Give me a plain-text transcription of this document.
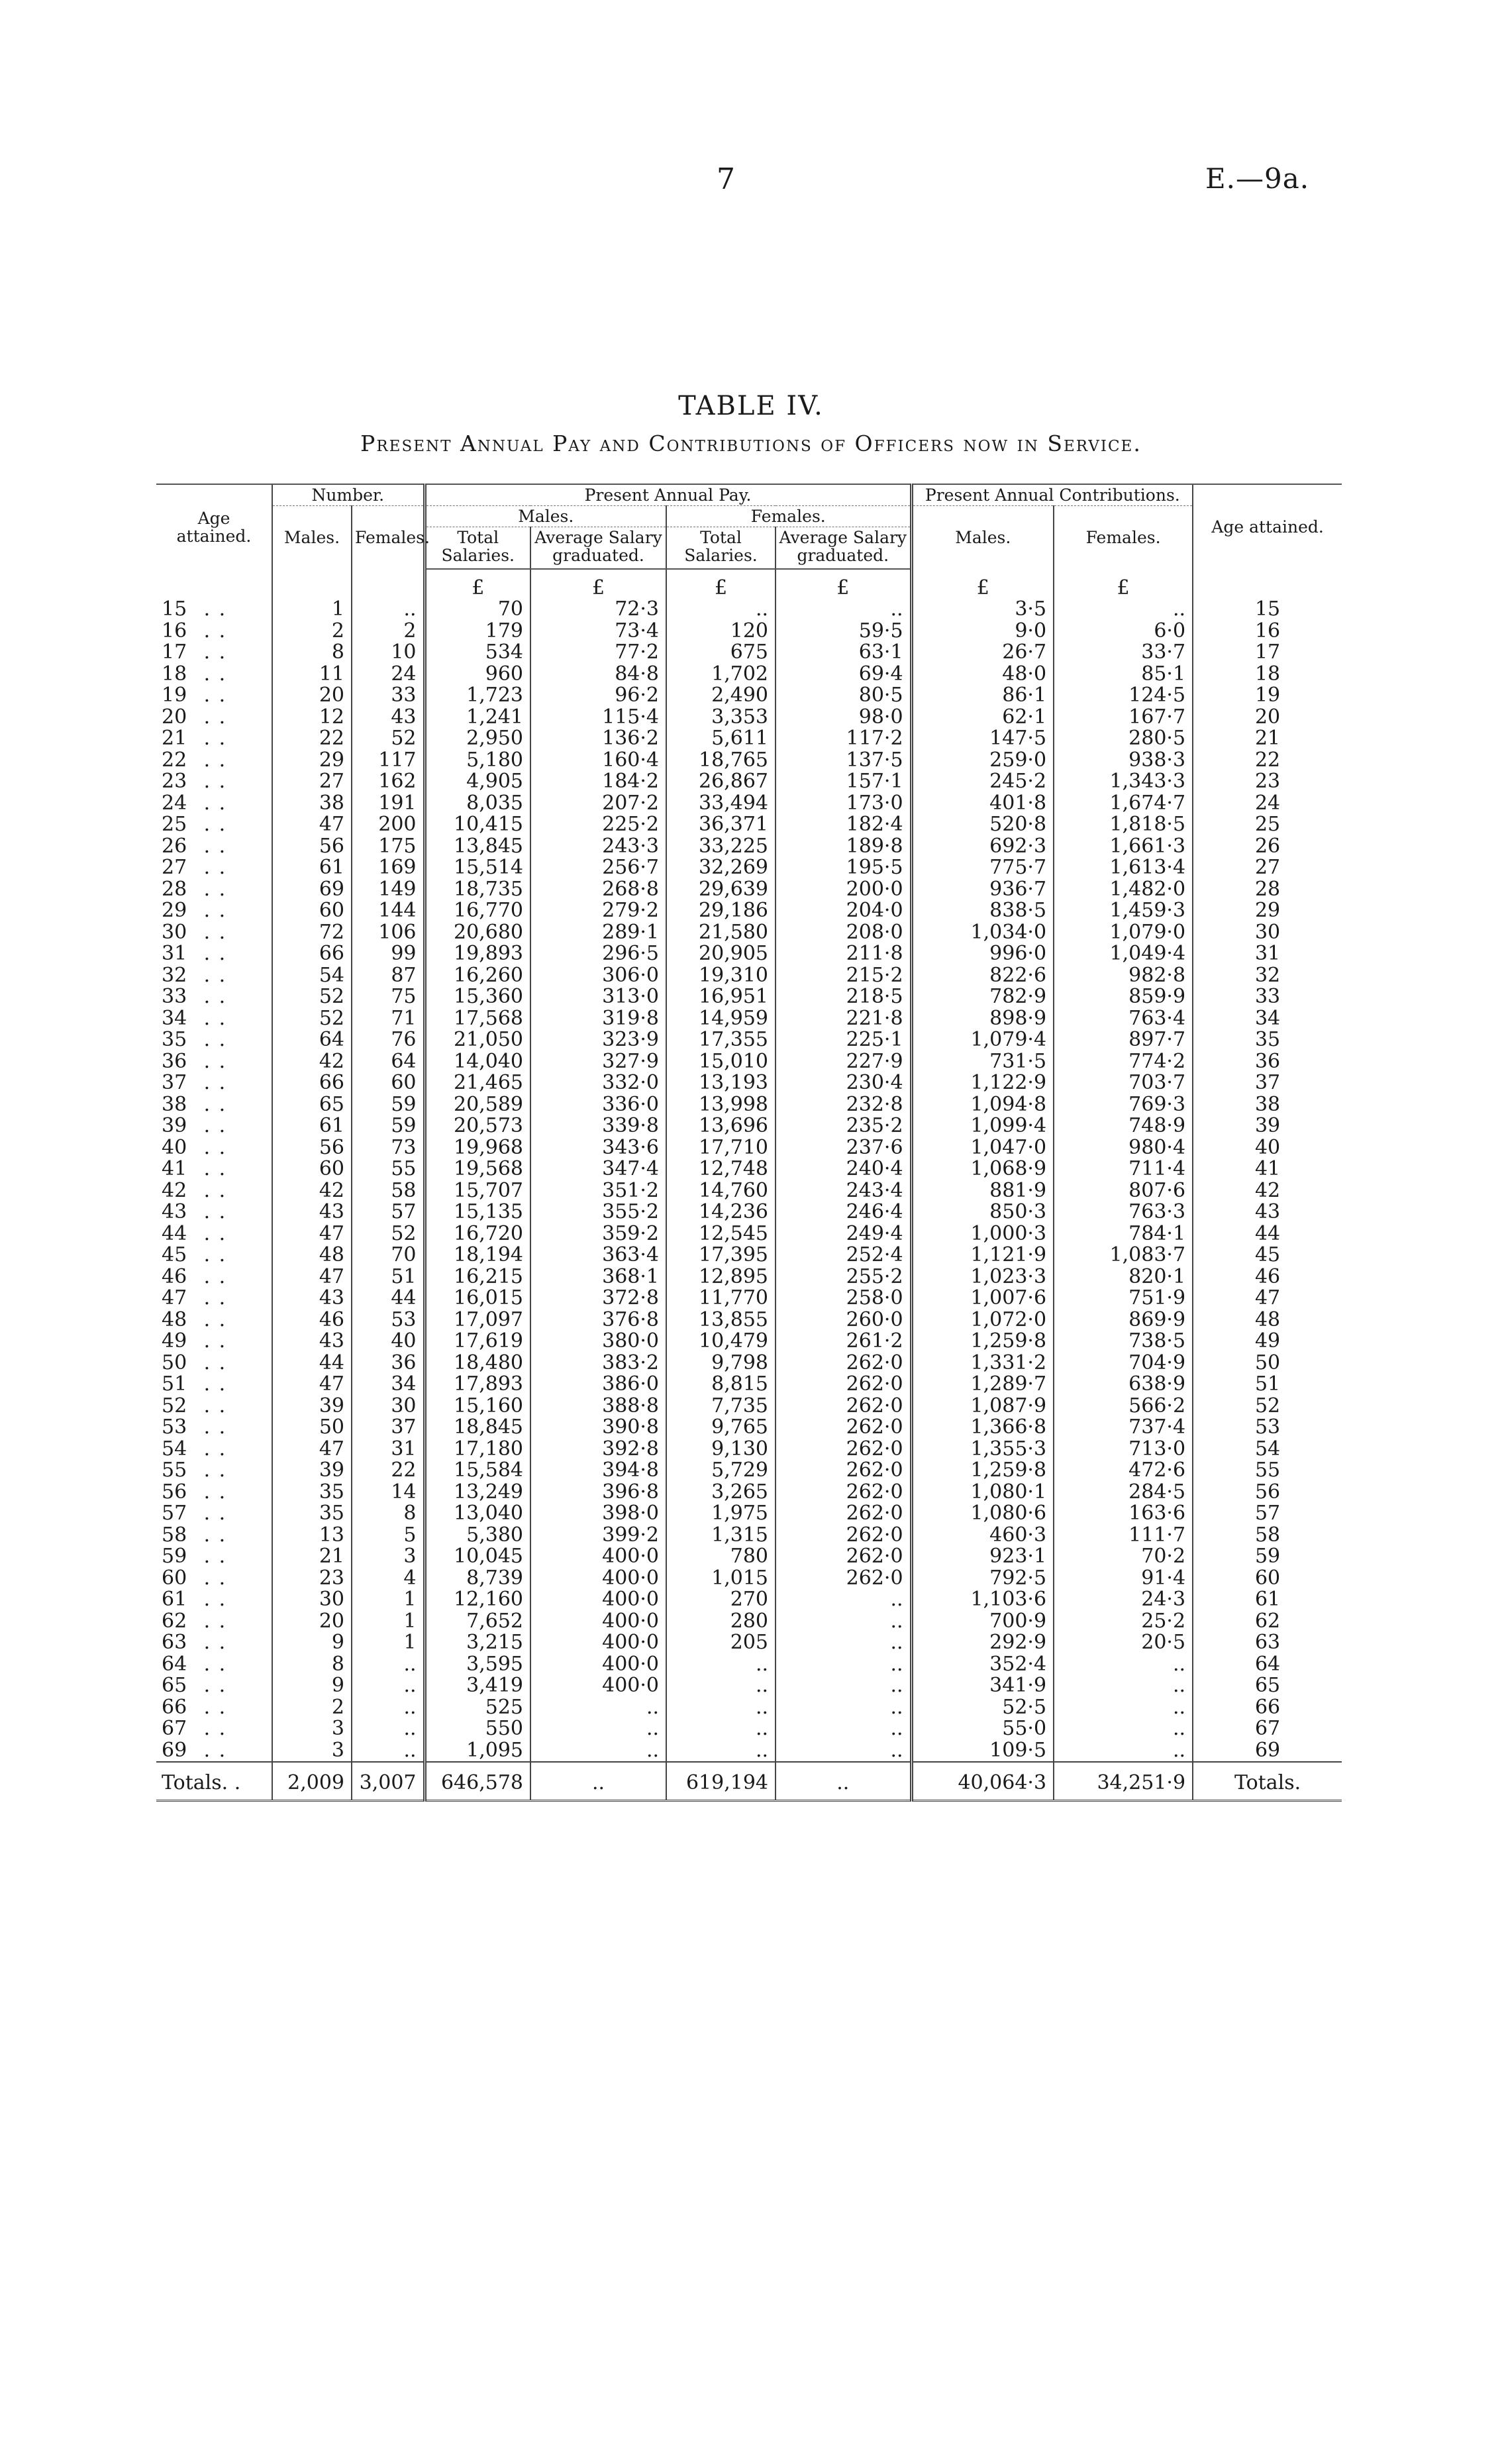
7	E.—9a.
TABLE IV.
Present Annual Pay and Contributions of Officers now in Service.
Age attained.	Number.		Present Annual Pay.				Present Annual Contributions.		Age attained.
	Males.	Females.	Males.		Females.		Males.	Females.	
			Total Salaries.	Average Salary graduated.	Total Salaries.	Average Salary graduated.			
			£	£	£	£	£	£	
15 . .	1	..	70	72·3	..	..	3·5	..	15
16 . .	2	2	179	73·4	120	59·5	9·0	6·0	16
17 . .	8	10	534	77·2	675	63·1	26·7	33·7	17
18 . .	11	24	960	84·8	1,702	69·4	48·0	85·1	18
19 . .	20	33	1,723	96·2	2,490	80·5	86·1	124·5	19
20 . .	12	43	1,241	115·4	3,353	98·0	62·1	167·7	20
21 . .	22	52	2,950	136·2	5,611	117·2	147·5	280·5	21
22 . .	29	117	5,180	160·4	18,765	137·5	259·0	938·3	22
23 . .	27	162	4,905	184·2	26,867	157·1	245·2	1,343·3	23
24 . .	38	191	8,035	207·2	33,494	173·0	401·8	1,674·7	24
25 . .	47	200	10,415	225·2	36,371	182·4	520·8	1,818·5	25
26 . .	56	175	13,845	243·3	33,225	189·8	692·3	1,661·3	26
27 . .	61	169	15,514	256·7	32,269	195·5	775·7	1,613·4	27
28 . .	69	149	18,735	268·8	29,639	200·0	936·7	1,482·0	28
29 . .	60	144	16,770	279·2	29,186	204·0	838·5	1,459·3	29
30 . .	72	106	20,680	289·1	21,580	208·0	1,034·0	1,079·0	30
31 . .	66	99	19,893	296·5	20,905	211·8	996·0	1,049·4	31
32 . .	54	87	16,260	306·0	19,310	215·2	822·6	982·8	32
33 . .	52	75	15,360	313·0	16,951	218·5	782·9	859·9	33
34 . .	52	71	17,568	319·8	14,959	221·8	898·9	763·4	34
35 . .	64	76	21,050	323·9	17,355	225·1	1,079·4	897·7	35
36 . .	42	64	14,040	327·9	15,010	227·9	731·5	774·2	36
37 . .	66	60	21,465	332·0	13,193	230·4	1,122·9	703·7	37
38 . .	65	59	20,589	336·0	13,998	232·8	1,094·8	769·3	38
39 . .	61	59	20,573	339·8	13,696	235·2	1,099·4	748·9	39
40 . .	56	73	19,968	343·6	17,710	237·6	1,047·0	980·4	40
41 . .	60	55	19,568	347·4	12,748	240·4	1,068·9	711·4	41
42 . .	42	58	15,707	351·2	14,760	243·4	881·9	807·6	42
43 . .	43	57	15,135	355·2	14,236	246·4	850·3	763·3	43
44 . .	47	52	16,720	359·2	12,545	249·4	1,000·3	784·1	44
45 . .	48	70	18,194	363·4	17,395	252·4	1,121·9	1,083·7	45
46 . .	47	51	16,215	368·1	12,895	255·2	1,023·3	820·1	46
47 . .	43	44	16,015	372·8	11,770	258·0	1,007·6	751·9	47
48 . .	46	53	17,097	376·8	13,855	260·0	1,072·0	869·9	48
49 . .	43	40	17,619	380·0	10,479	261·2	1,259·8	738·5	49
50 . .	44	36	18,480	383·2	9,798	262·0	1,331·2	704·9	50
51 . .	47	34	17,893	386·0	8,815	262·0	1,289·7	638·9	51
52 . .	39	30	15,160	388·8	7,735	262·0	1,087·9	566·2	52
53 . .	50	37	18,845	390·8	9,765	262·0	1,366·8	737·4	53
54 . .	47	31	17,180	392·8	9,130	262·0	1,355·3	713·0	54
55 . .	39	22	15,584	394·8	5,729	262·0	1,259·8	472·6	55
56 . .	35	14	13,249	396·8	3,265	262·0	1,080·1	284·5	56
57 . .	35	8	13,040	398·0	1,975	262·0	1,080·6	163·6	57
58 . .	13	5	5,380	399·2	1,315	262·0	460·3	111·7	58
59 . .	21	3	10,045	400·0	780	262·0	923·1	70·2	59
60 . .	23	4	8,739	400·0	1,015	262·0	792·5	91·4	60
61 . .	30	1	12,160	400·0	270	..	1,103·6	24·3	61
62 . .	20	1	7,652	400·0	280	..	700·9	25·2	62
63 . .	9	1	3,215	400·0	205	..	292·9	20·5	63
64 . .	8	..	3,595	400·0	..	..	352·4	..	64
65 . .	9	..	3,419	400·0	..	..	341·9	..	65
66 . .	2	..	525	..	..	..	52·5	..	66
67 . .	3	..	550	..	..	..	55·0	..	67
69 . .	3	..	1,095	..	..	..	109·5	..	69
Totals. .	2,009	3,007	646,578	..	619,194	..	40,064·3	34,251·9	Totals.
